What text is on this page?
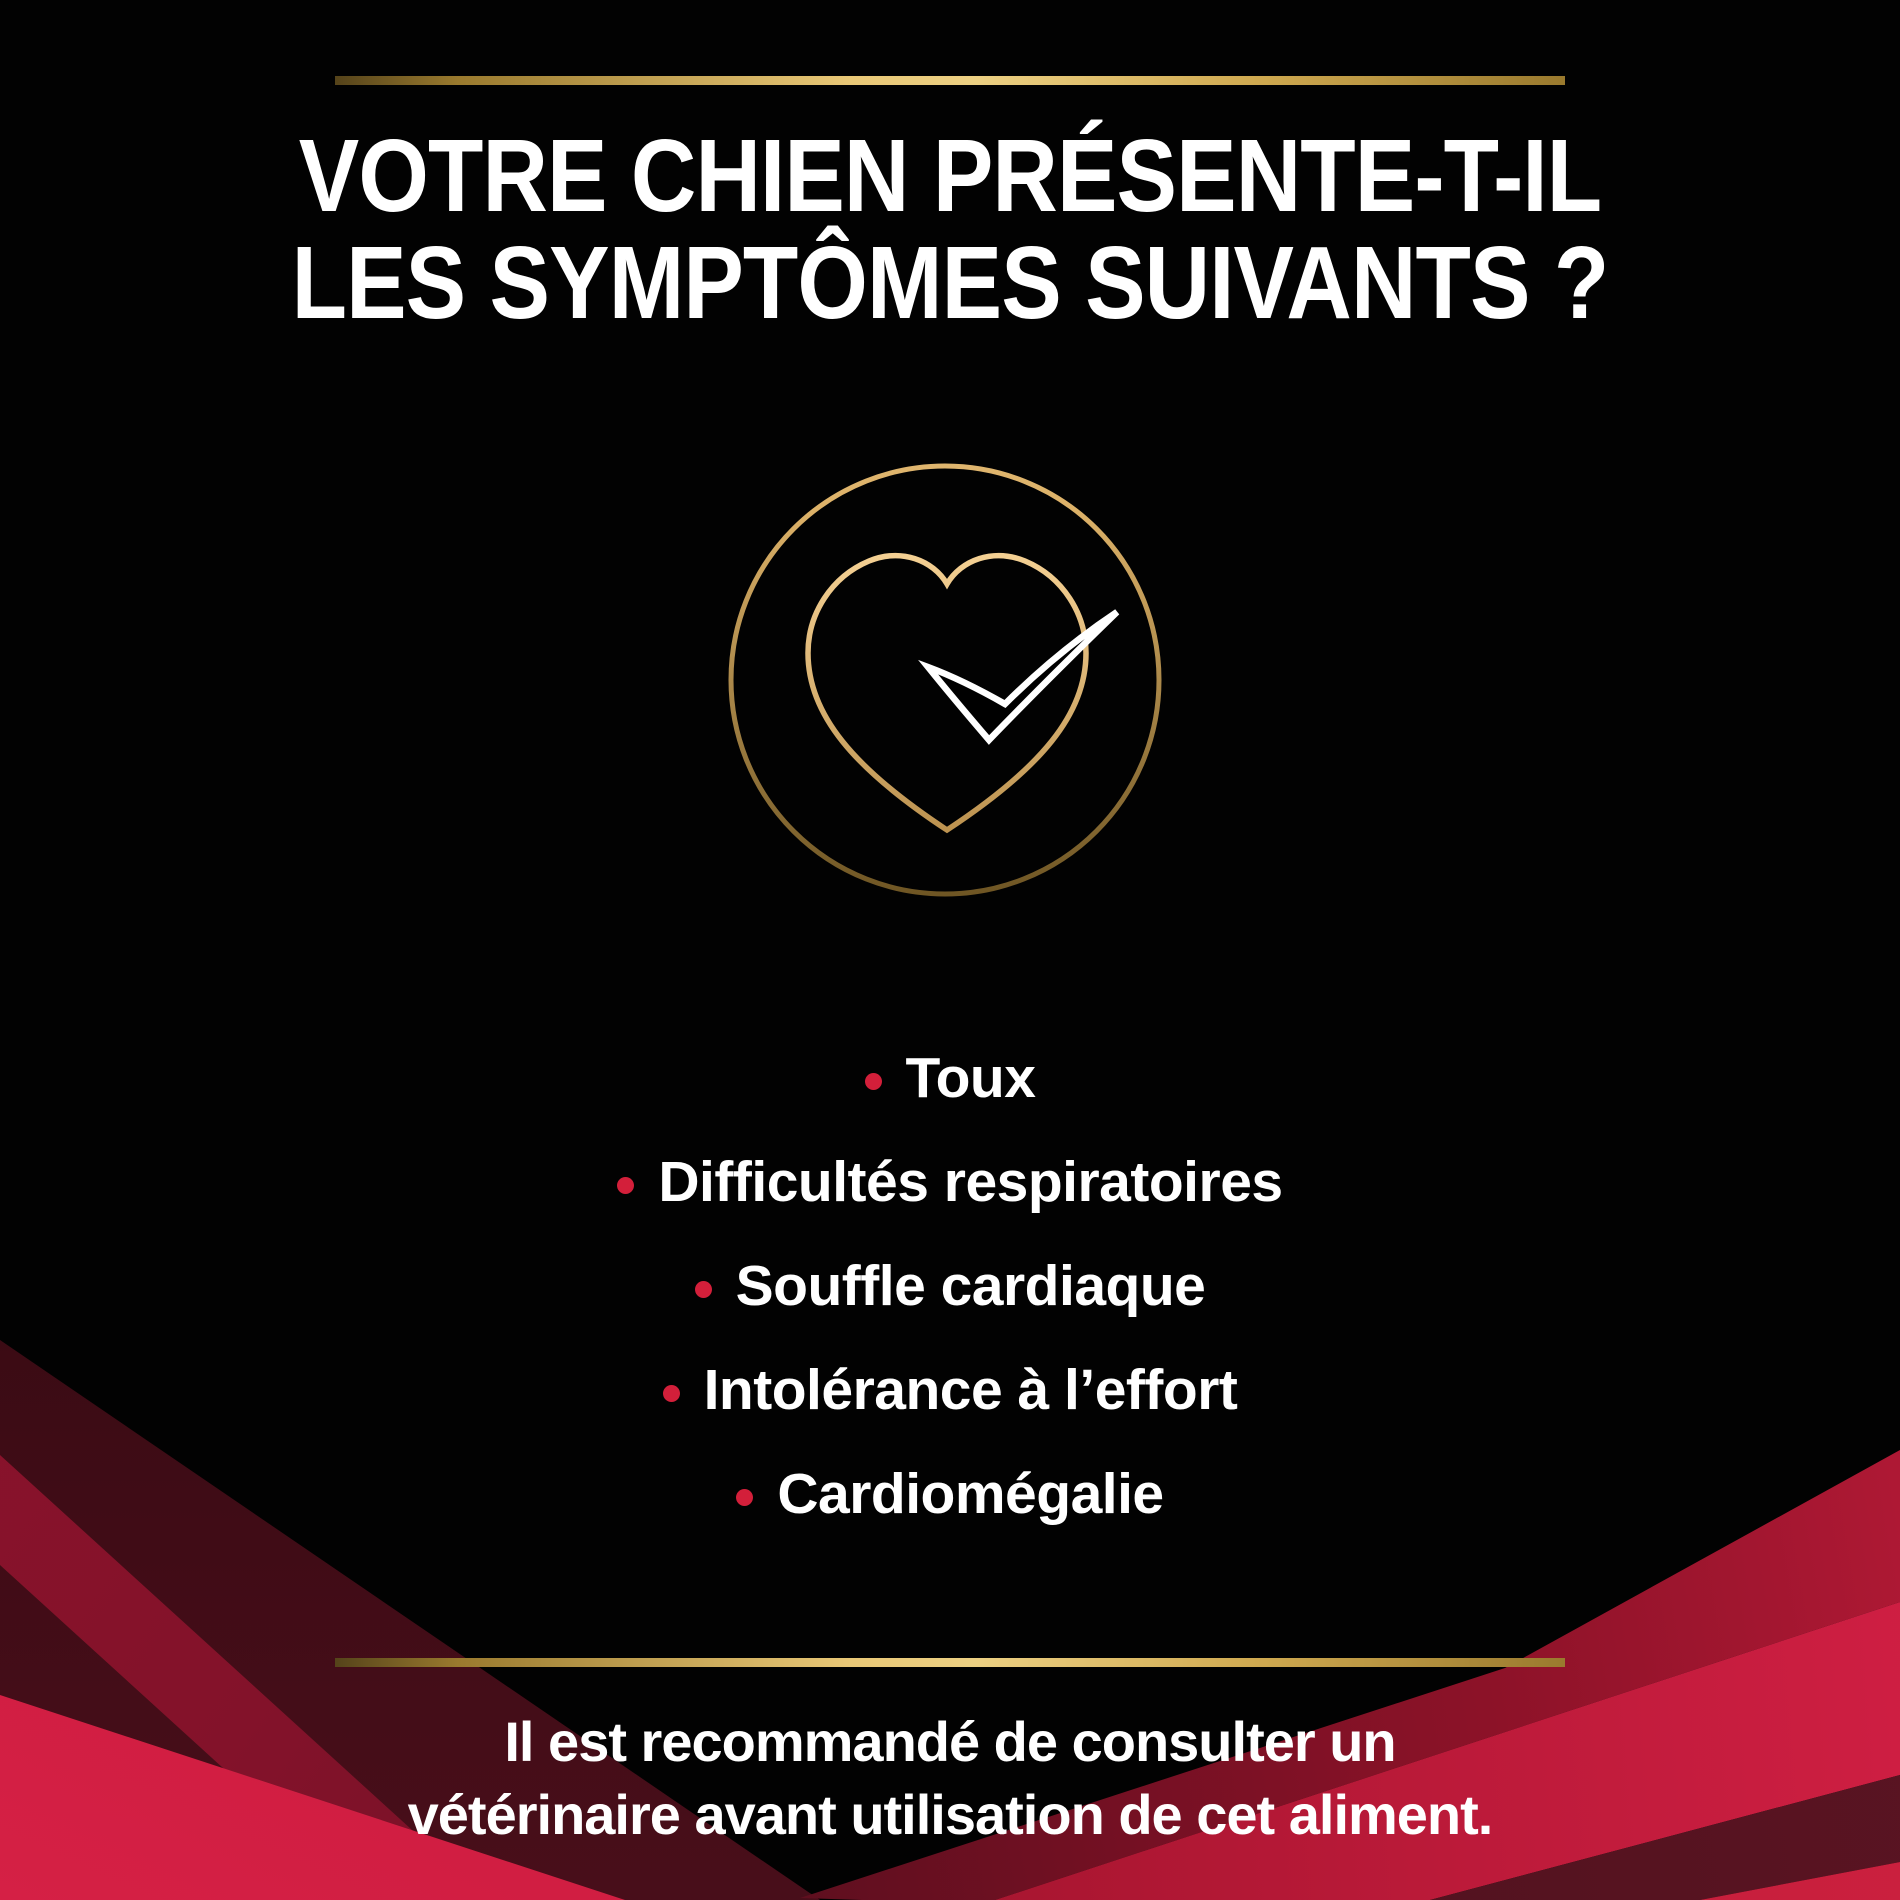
VOTRE CHIEN PRÉSENTE-T-IL
LES SYMPTÔMES SUIVANTS ?
Toux
Difficultés respiratoires
Souffle cardiaque
Intolérance à l’effort
Cardiomégalie
Il est recommandé de consulter un
vétérinaire avant utilisation de cet aliment.
